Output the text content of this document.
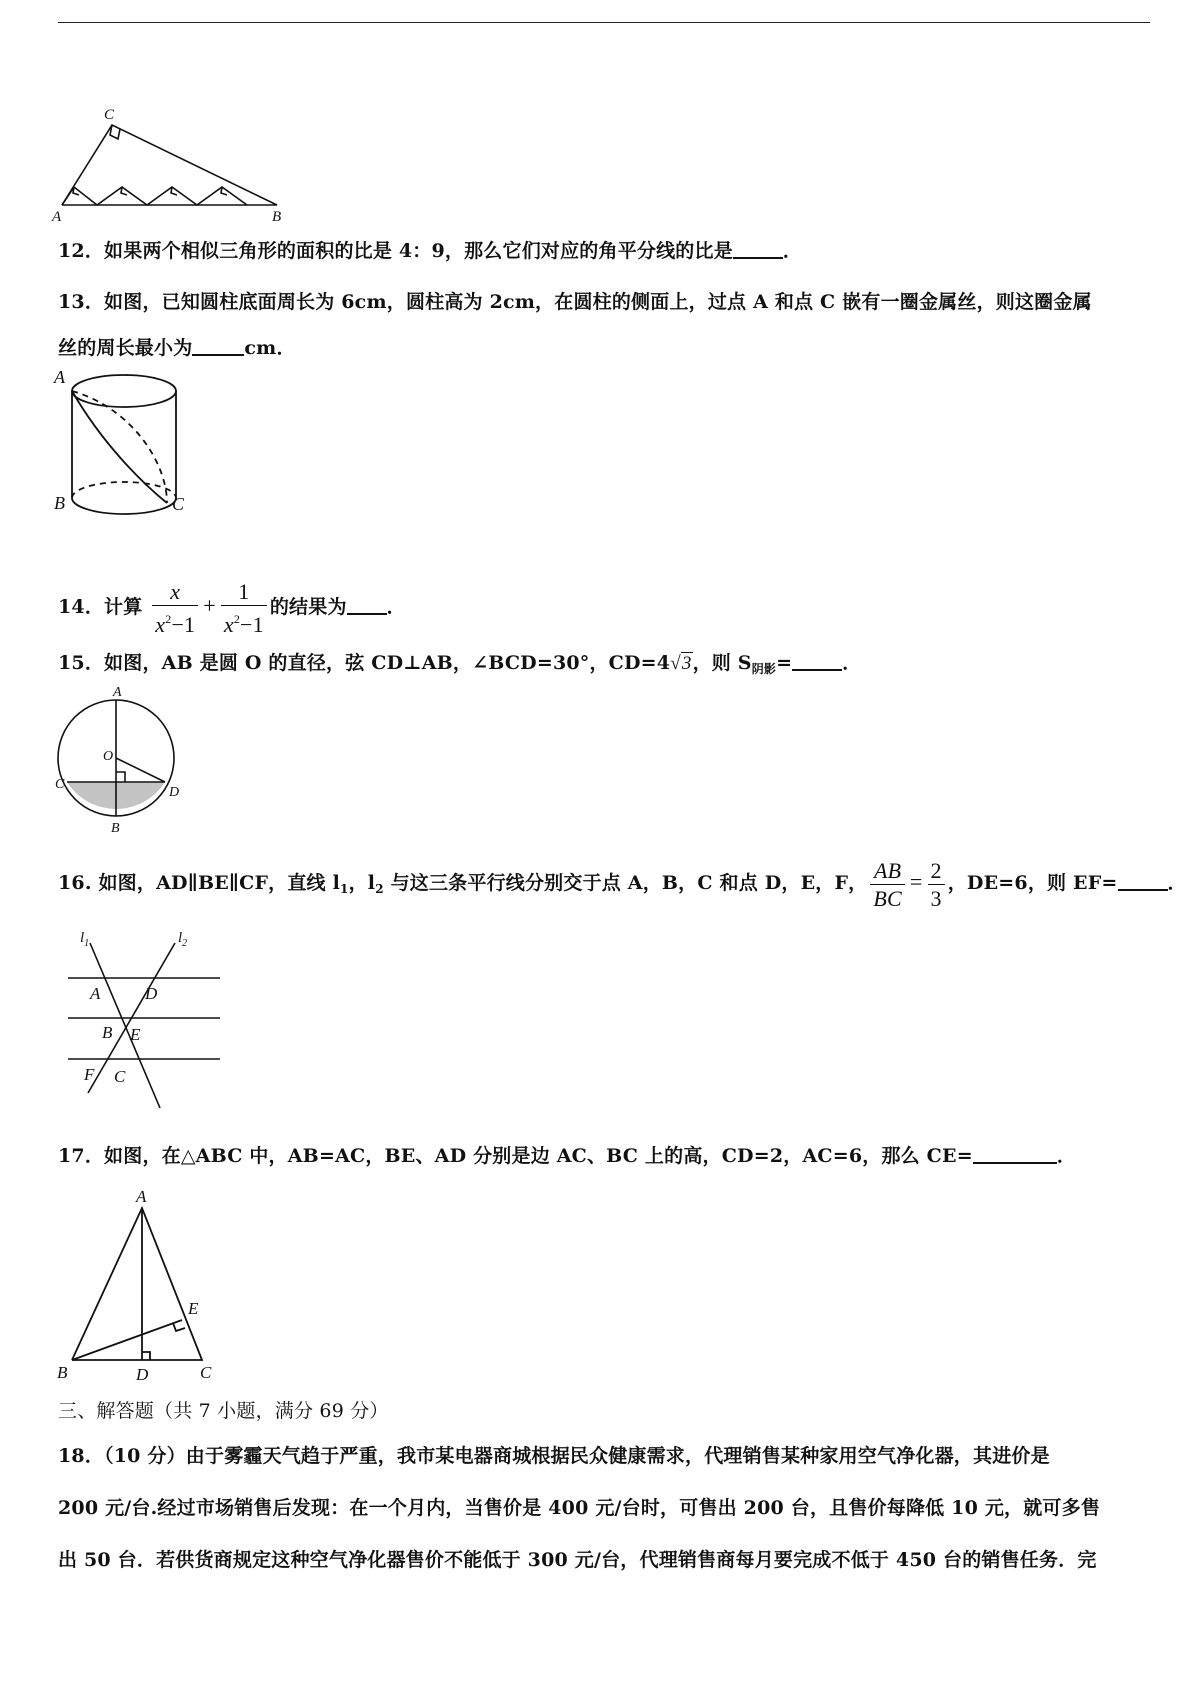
C
A	B
12．如果两个相似三角形的面积的比是 4：9，那么它们对应的角平分线的比是	．
13．如图，已知圆柱底面周长为 6cm，圆柱高为 2cm，在圆柱的侧面上，过点 A 和点 C 嵌有一圈金属丝，则这圈金属
丝的周长最小为	cm．
A
B	C
14．计算 $\frac{x}{x^2-1} + \frac{1}{x^2-1}$ 的结果为 ．
15．如图，AB 是圆 O 的直径，弦 CD⊥AB，∠BCD=30°，CD=4√3，则 $S_{阴影}=$	．
A
O
C
D
B
16. 如图，AD∥BE∥CF，直线 $l_1$，$l_2$ 与这三条平行线分别交于点 A，B，C 和点 D，E，F， $\frac{AB}{BC} = \frac{2}{3}$ ，DE=6，则 EF=	．
$l_1$	$l_2$
A	D
B E
F C
17．如图，在△ABC 中，AB=AC，BE、AD 分别是边 AC、BC 上的高，CD=2，AC=6，那么 CE=	．
A
E
B	D	C
三、解答题（共 7 小题，满分 69 分）
18．（10 分）由于雾霾天气趋于严重，我市某电器商城根据民众健康需求，代理销售某种家用空气净化器，其进价是
200 元/台.经过市场销售后发现：在一个月内，当售价是 400 元/台时，可售出 200 台，且售价每降低 10 元，就可多售
出 50 台．若供货商规定这种空气净化器售价不能低于 300 元/台，代理销售商每月要完成不低于 450 台的销售任务．完
